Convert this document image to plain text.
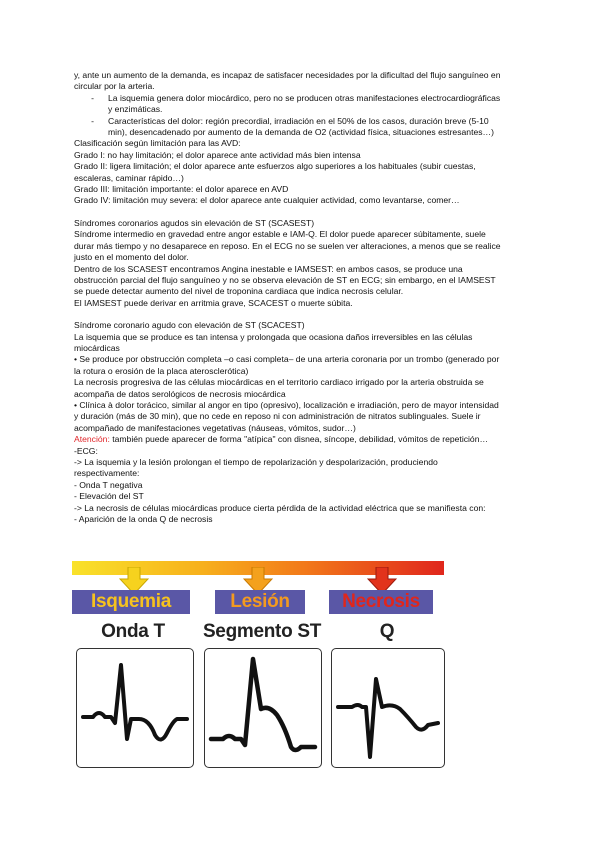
y, ante un aumento de la demanda, es incapaz de satisfacer necesidades por la dificultad del flujo sanguíneo en

circular por la arteria.

-	La isquemia genera dolor miocárdico, pero no se producen otras manifestaciones electrocardiográficas
y enzimáticas.
-	Características del dolor: región precordial, irradiación en el 50% de los casos, duración breve (5-10
min), desencadenado por aumento de la demanda de O2 (actividad física, situaciones estresantes…)

Clasificación según limitación para las AVD:

Grado I: no hay limitación; el dolor aparece ante actividad más bien intensa

Grado II: ligera limitación; el dolor aparece ante esfuerzos algo superiores a los habituales (subir cuestas,

escaleras, caminar rápido…)

Grado III: limitación importante: el dolor aparece en AVD

Grado IV: limitación muy severa: el dolor aparece ante cualquier actividad, como levantarse, comer…

Síndromes coronarios agudos sin elevación de ST (SCASEST)

Síndrome intermedio en gravedad entre angor estable e IAM-Q. El dolor puede aparecer súbitamente, suele

durar más tiempo y no desaparece en reposo. En el ECG no se suelen ver alteraciones, a menos que se realice

justo en el momento del dolor.

Dentro de los SCASEST encontramos Angina inestable e IAMSEST: en ambos casos, se produce una

obstrucción parcial del flujo sanguíneo y no se observa elevación de ST en ECG; sin embargo, en el IAMSEST

se puede detectar aumento del nivel de troponina cardiaca que indica necrosis celular.

El IAMSEST puede derivar en arritmia grave, SCACEST o muerte súbita.

Síndrome coronario agudo con elevación de ST (SCACEST)

La isquemia que se produce es tan intensa y prolongada que ocasiona daños irreversibles en las células

miocárdicas

• Se produce por obstrucción completa –o casi completa– de una arteria coronaria por un trombo (generado por

la rotura o erosión de la placa aterosclerótica)

La necrosis progresiva de las células miocárdicas en el territorio cardiaco irrigado por la arteria obstruida se

acompaña de datos serológicos de necrosis miocárdica

• Clínica à dolor torácico, similar al angor en tipo (opresivo), localización e irradiación, pero de mayor intensidad

y duración (más de 30 min), que no cede en reposo ni con administración de nitratos sublinguales. Suele ir

acompañado de manifestaciones vegetativas (náuseas, vómitos, sudor…)

Atención: también puede aparecer de forma "atípica" con disnea, síncope, debilidad, vómitos de repetición…

-ECG:

-> La isquemia y la lesión prolongan el tiempo de repolarización y despolarización, produciendo

respectivamente:

- Onda T negativa

- Elevación del ST

-> La necrosis de células miocárdicas produce cierta pérdida de la actividad eléctrica que se manifiesta con:

- Aparición de la onda Q de necrosis

Isquemia	Lesión	Necrosis
Onda T	Segmento ST	Q
